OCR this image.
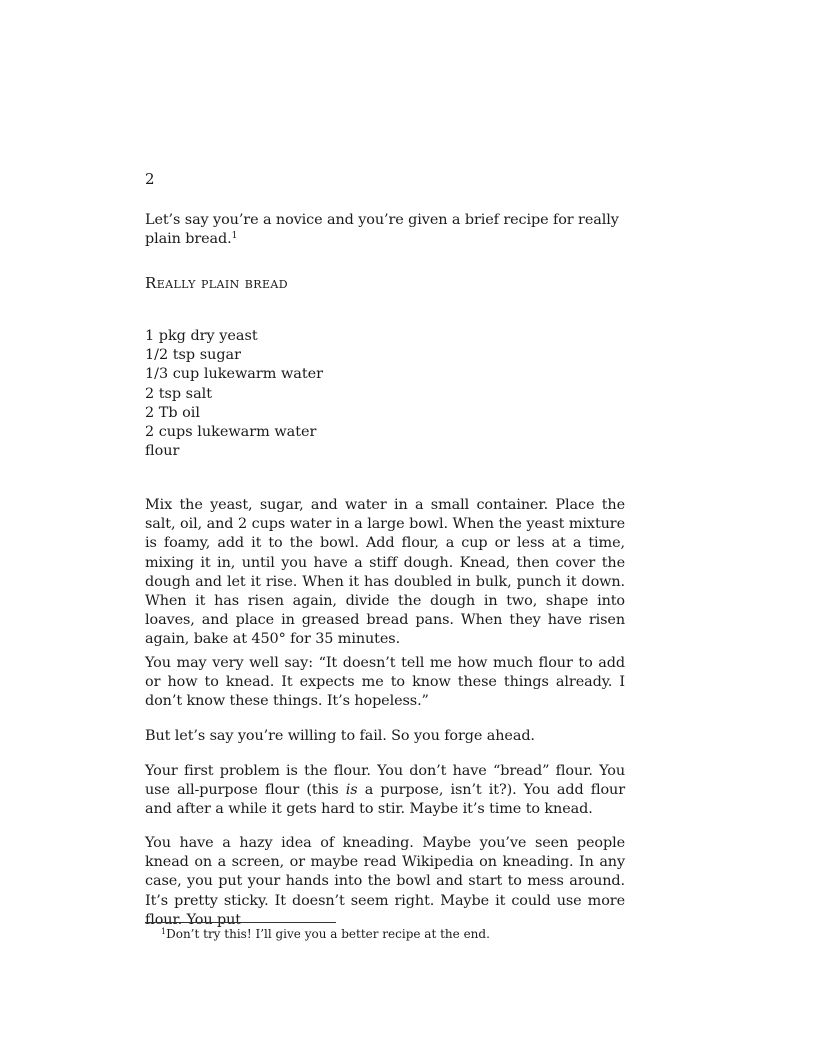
2

Let’s say you’re a novice and you’re given a brief recipe for really plain bread.$^1$

Really plain bread
1 pkg dry yeast
1/2 tsp sugar
1/3 cup lukewarm water
2 tsp salt
2 Tb oil
2 cups lukewarm water
flour

Mix the yeast, sugar, and water in a small container. Place the salt, oil, and 2 cups water in a large bowl. When the yeast mixture is foamy, add it to the bowl. Add flour, a cup or less at a time, mixing it in, until you have a stiff dough. Knead, then cover the dough and let it rise. When it has doubled in bulk, punch it down. When it has risen again, divide the dough in two, shape into loaves, and place in greased bread pans. When they have risen again, bake at 450° for 35 minutes.

You may very well say: “It doesn’t tell me how much flour to add or how to knead. It expects me to know these things already. I don’t know these things. It’s hopeless.”

But let’s say you’re willing to fail. So you forge ahead.

Your first problem is the flour. You don’t have “bread” flour. You use all-purpose flour (this is a purpose, isn’t it?). You add flour and after a while it gets hard to stir. Maybe it’s time to knead.

You have a hazy idea of kneading. Maybe you’ve seen people knead on a screen, or maybe read Wikipedia on kneading. In any case, you put your hands into the bowl and start to mess around. It’s pretty sticky. It doesn’t seem right. Maybe it could use more flour. You put

$^1$Don’t try this! I’ll give you a better recipe at the end.
